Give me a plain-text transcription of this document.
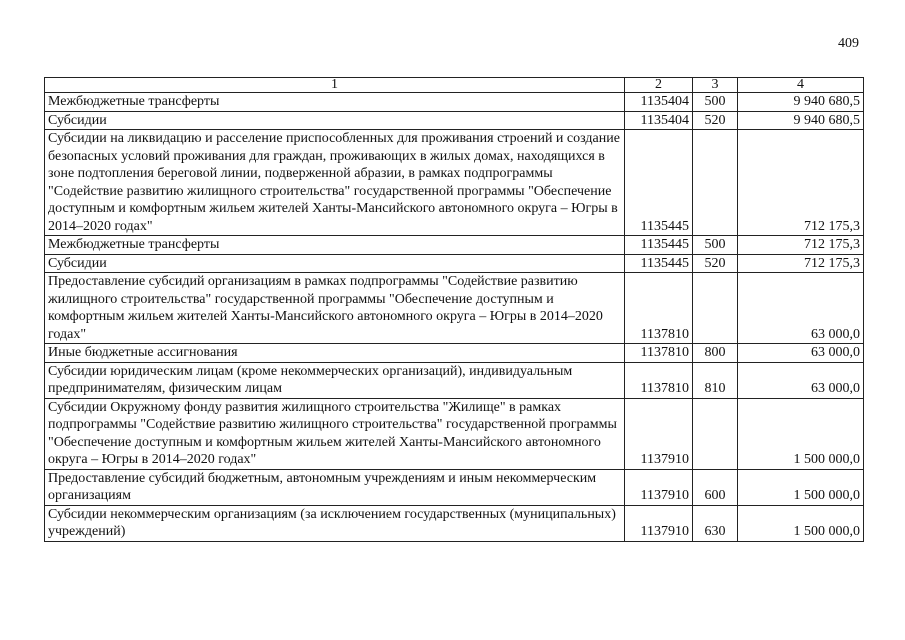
409
1	2	3	4
Межбюджетные трансферты	1135404	500	9 940 680,5
Субсидии	1135404	520	9 940 680,5
Субсидии на ликвидацию и расселение приспособленных для проживания строений и создание безопасных условий проживания для граждан, проживающих в жилых домах, находящихся в зоне подтопления береговой линии, подверженной абразии, в рамках подпрограммы "Содействие развитию жилищного строительства" государственной программы "Обеспечение доступным и комфортным жильем жителей Ханты-Мансийского автономного округа – Югры в 2014–2020 годах"	1135445		712 175,3
Межбюджетные трансферты	1135445	500	712 175,3
Субсидии	1135445	520	712 175,3
Предоставление субсидий организациям в рамках подпрограммы "Содействие развитию жилищного строительства" государственной программы "Обеспечение доступным и комфортным жильем жителей Ханты-Мансийского автономного округа – Югры в 2014–2020 годах"	1137810		63 000,0
Иные бюджетные ассигнования	1137810	800	63 000,0
Субсидии юридическим лицам (кроме некоммерческих организаций), индивидуальным предпринимателям, физическим лицам	1137810	810	63 000,0
Субсидии Окружному фонду развития жилищного строительства "Жилище" в рамках подпрограммы "Содействие развитию жилищного строительства" государственной программы "Обеспечение доступным и комфортным жильем жителей Ханты-Мансийского автономного округа – Югры в 2014–2020 годах"	1137910		1 500 000,0
Предоставление субсидий бюджетным, автономным учреждениям и иным некоммерческим организациям	1137910	600	1 500 000,0
Субсидии некоммерческим организациям (за исключением государственных (муниципальных) учреждений)	1137910	630	1 500 000,0
